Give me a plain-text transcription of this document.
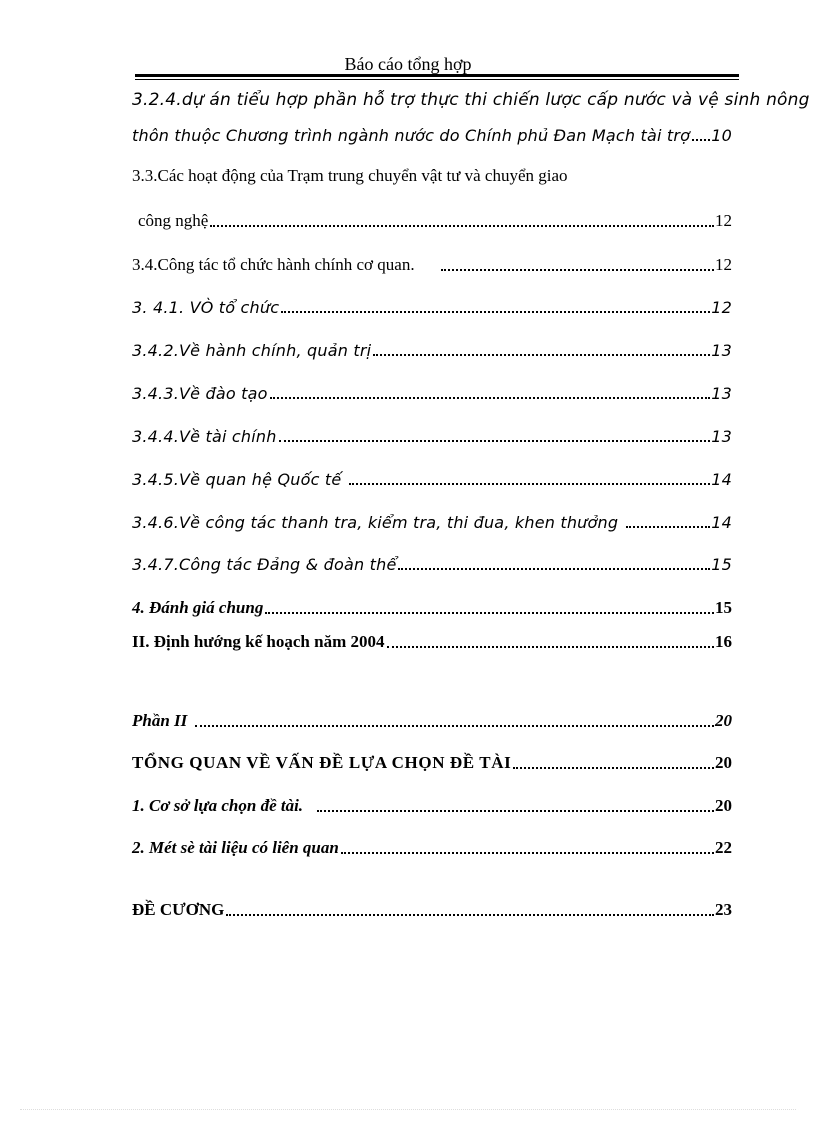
Báo cáo tổng hợp
3.2.4.dự án tiểu hợp phần hỗ trợ thực thi chiến lược cấp nước và vệ sinh nông
thôn thuộc Chương trình ngành nước do Chính phủ Đan Mạch tài trợ 10
3.3.Các hoạt động của Trạm trung chuyển vật tư và chuyển giao
công nghệ	12
3.4.Công tác tổ chức hành chính cơ quan.	12
3. 4.1. VÒ tổ chức	12
3.4.2.Về hành chính, quản trị	13
3.4.3.Về đào tạo	13
3.4.4.Về tài chính	13
3.4.5.Về quan hệ Quốc tế	14
3.4.6.Về công tác thanh tra, kiểm tra, thi đua, khen thưởng	14
3.4.7.Công tác Đảng & đoàn thể	15
4. Đánh giá chung	15
II. Định hướng kế hoạch năm 2004	16
Phần II	20
TỔNG QUAN VỀ VẤN ĐỀ LỰA CHỌN ĐỀ TÀI	20
1. Cơ sở lựa chọn đề tài.	20
2. Mét sè tài liệu có liên quan	22
ĐỀ CƯƠNG	23
